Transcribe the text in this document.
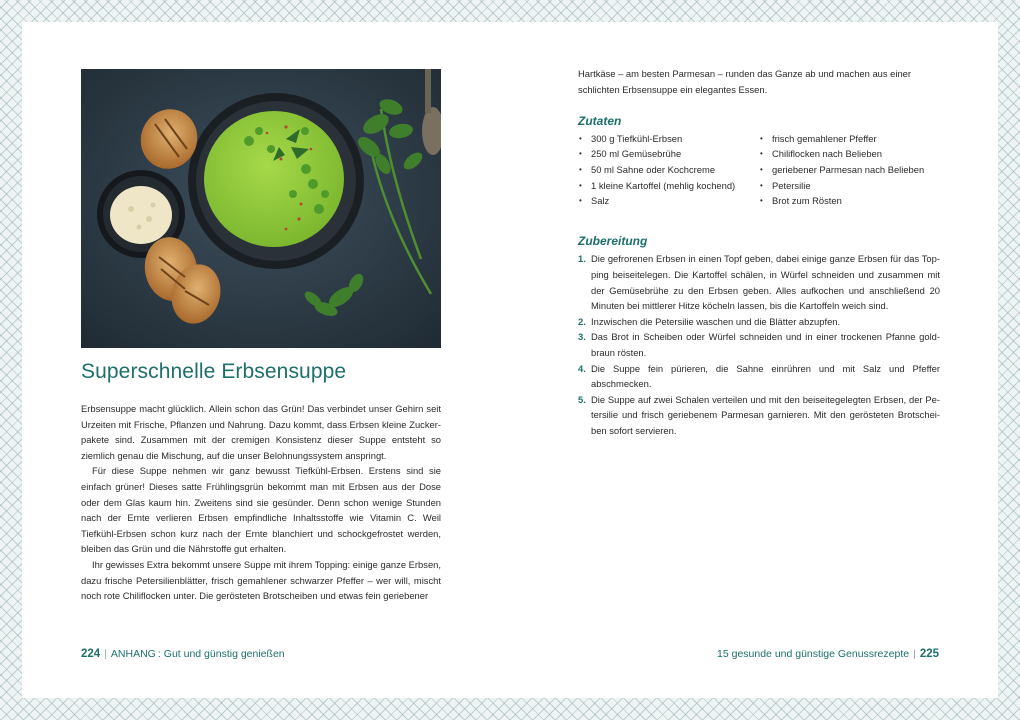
Superschnelle Erbsensuppe

Erbsensuppe macht glücklich. Allein schon das Grün! Das verbindet unser Gehirn seit Urzeiten mit Frische, Pflanzen und Nahrung. Dazu kommt, dass Erbsen kleine Zuckerpakete sind. Zusammen mit der cremigen Konsistenz dieser Suppe entsteht so ziemlich genau die Mischung, auf die unser Belohnungssystem anspringt.

Für diese Suppe nehmen wir ganz bewusst Tiefkühl-Erbsen. Erstens sind sie einfach grüner! Dieses satte Frühlingsgrün bekommt man mit Erbsen aus der Dose oder dem Glas kaum hin. Zweitens sind sie gesünder. Denn schon wenige Stunden nach der Ernte verlieren Erbsen empfindliche Inhaltsstoffe wie Vitamin C. Weil Tiefkühl-Erbsen schon kurz nach der Ernte blanchiert und schockgefrostet werden, bleiben das Grün und die Nährstoffe gut erhalten.

Ihr gewisses Extra bekommt unsere Suppe mit ihrem Topping: einige ganze Erbsen, dazu frische Petersilienblätter, frisch gemahlener schwarzer Pfeffer – wer will, mischt noch rote Chiliflocken unter. Die gerösteten Brotscheiben und etwas fein geriebener

224 | ANHANG : Gut und günstig genießen

Hartkäse – am besten Parmesan – runden das Ganze ab und machen aus einer schlichten Erbsensuppe ein elegantes Essen.

Zutaten
• 300 g Tiefkühl-Erbsen
• 250 ml Gemüsebrühe
• 50 ml Sahne oder Kochcreme
• 1 kleine Kartoffel (mehlig kochend)
• Salz
• frisch gemahlener Pfeffer
• Chiliflocken nach Belieben
• geriebener Parmesan nach Belieben
• Petersilie
• Brot zum Rösten
Zubereitung
1. Die gefrorenen Erbsen in einen Topf geben, dabei einige ganze Erbsen für das Topping beiseitelegen. Die Kartoffel schälen, in Würfel schneiden und zusammen mit der Gemüsebrühe zu den Erbsen geben. Alles aufkochen und anschließend 20 Minuten bei mittlerer Hitze köcheln lassen, bis die Kartoffeln weich sind.
2. Inzwischen die Petersilie waschen und die Blätter abzupfen.
3. Das Brot in Scheiben oder Würfel schneiden und in einer trockenen Pfanne goldbraun rösten.
4. Die Suppe fein pürieren, die Sahne einrühren und mit Salz und Pfeffer abschmecken.
5. Die Suppe auf zwei Schalen verteilen und mit den beiseitegelegten Erbsen, der Petersilie und frisch geriebenem Parmesan garnieren. Mit den gerösteten Brotscheiben sofort servieren.
15 gesunde und günstige Genussrezepte | 225
